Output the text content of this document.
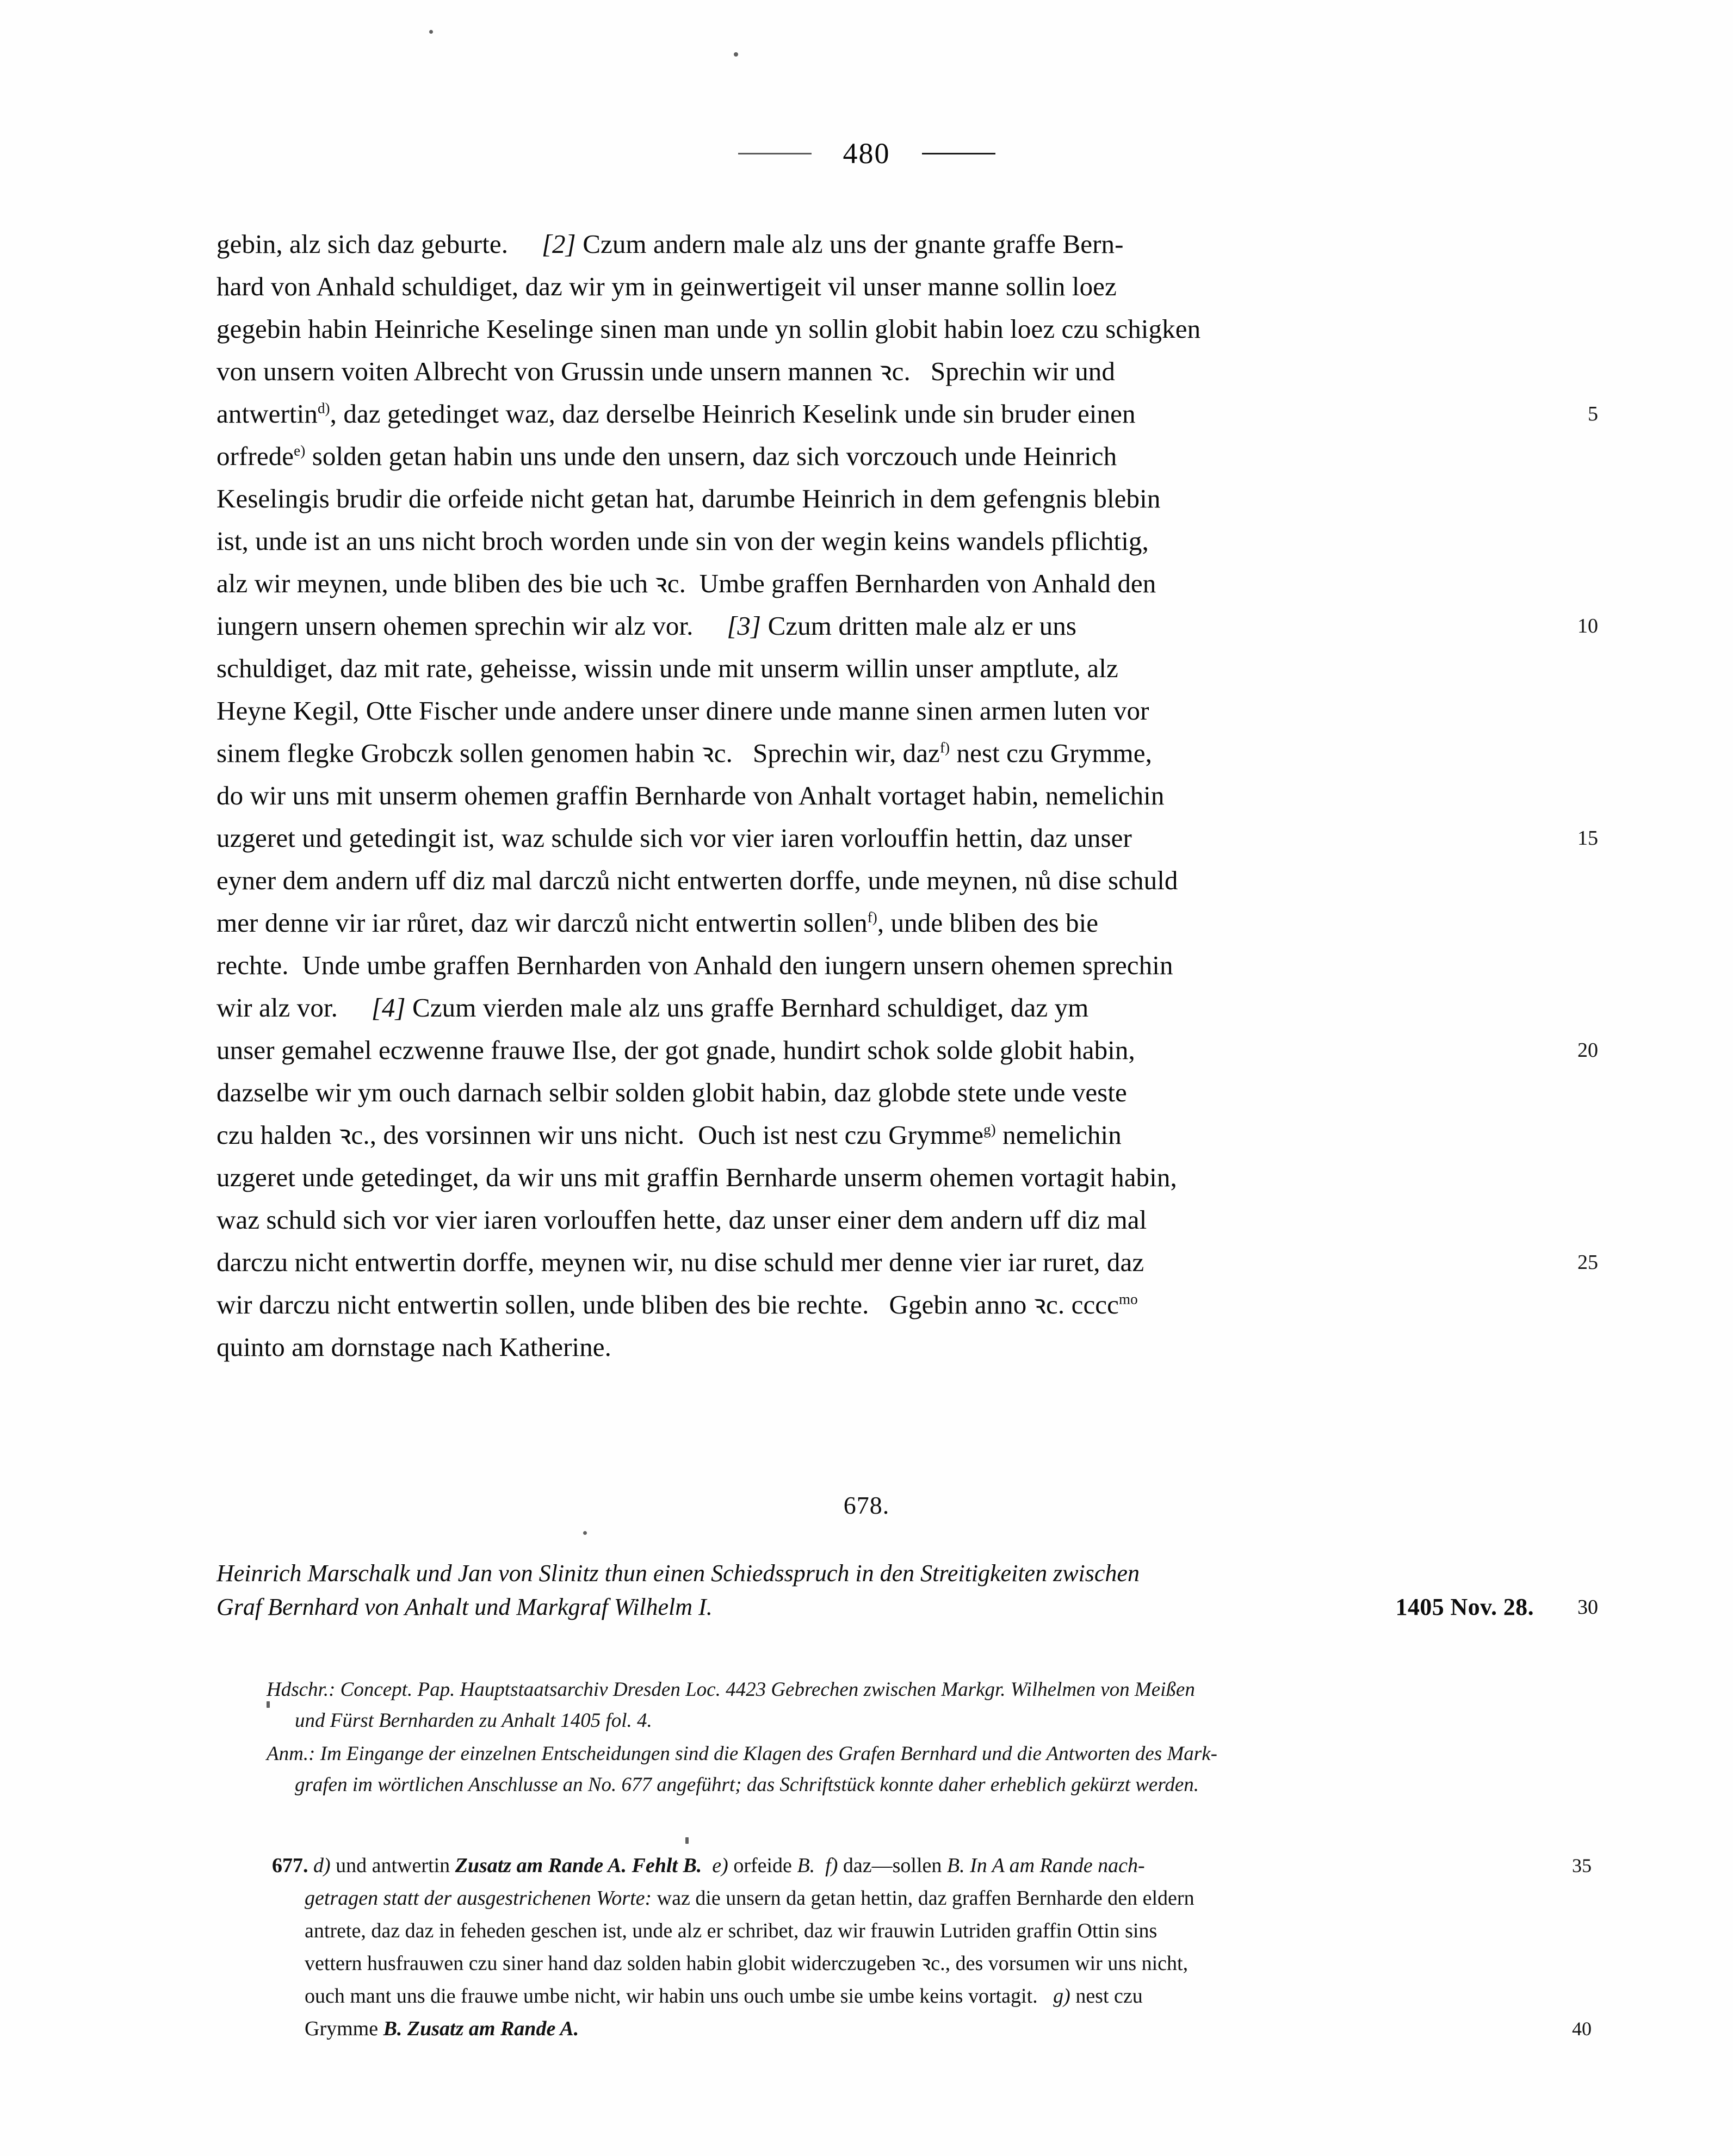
480
gebin, alz sich daz geburte.     [2] Czum andern male alz uns der gnante graffe Bern-
hard von Anhald schuldiget, daz wir ym in geinwertigeit vil unser manne sollin loez
gegebin habin Heinriche Keselinge sinen man unde yn sollin globit habin loez czu schigken
von unsern voiten Albrecht von Grussin unde unsern mannen ꝛc.   Sprechin wir und
antwertin$^{d)}$, daz getedinget waz, daz derselbe Heinrich Keselink unde sin bruder einen	5
orfrede$^{e)}$ solden getan habin uns unde den unsern, daz sich vorczouch unde Heinrich
Keselingis brudir die orfeide nicht getan hat, darumbe Heinrich in dem gefengnis blebin
ist, unde ist an uns nicht broch worden unde sin von der wegin keins wandels pflichtig,
alz wir meynen, unde bliben des bie uch ꝛc.  Umbe graffen Bernharden von Anhald den
iungern unsern ohemen sprechin wir alz vor.     [3] Czum dritten male alz er uns	10
schuldiget, daz mit rate, geheisse, wissin unde mit unserm willin unser amptlute, alz
Heyne Kegil, Otte Fischer unde andere unser dinere unde manne sinen armen luten vor
sinem flegke Grobczk sollen genomen habin ꝛc.   Sprechin wir, daz$^{f)}$ nest czu Grymme,
do wir uns mit unserm ohemen graffin Bernharde von Anhalt vortaget habin, nemelichin
uzgeret und getedingit ist, waz schulde sich vor vier iaren vorlouffin hettin, daz unser	15
eyner dem andern uff diz mal darczů nicht entwerten dorffe, unde meynen, nů dise schuld
mer denne vir iar růret, daz wir darczů nicht entwertin sollen$^{f)}$, unde bliben des bie
rechte.  Unde umbe graffen Bernharden von Anhald den iungern unsern ohemen sprechin
wir alz vor.     [4] Czum vierden male alz uns graffe Bernhard schuldiget, daz ym
unser gemahel eczwenne frauwe Ilse, der got gnade, hundirt schok solde globit habin,	20
dazselbe wir ym ouch darnach selbir solden globit habin, daz globde stete unde veste
czu halden ꝛc., des vorsinnen wir uns nicht.  Ouch ist nest czu Grymme$^{g)}$ nemelichin
uzgeret unde getedinget, da wir uns mit graffin Bernharde unserm ohemen vortagit habin,
waz schuld sich vor vier iaren vorlouffen hette, daz unser einer dem andern uff diz mal
darczu nicht entwertin dorffe, meynen wir, nu dise schuld mer denne vier iar ruret, daz	25
wir darczu nicht entwertin sollen, unde bliben des bie rechte.   Ggebin anno ꝛc. cccc$^{mo}$
quinto am dornstage nach Katherine.
678.
Heinrich Marschalk und Jan von Slinitz thun einen Schiedsspruch in den Streitigkeiten zwischen
Graf Bernhard von Anhalt und Markgraf Wilhelm I.	1405 Nov. 28. 30
Hdschr.: Concept. Pap. Hauptstaatsarchiv Dresden Loc. 4423 Gebrechen zwischen Markgr. Wilhelmen von Meißen
und Fürst Bernharden zu Anhalt 1405 fol. 4.
Anm.: Im Eingange der einzelnen Entscheidungen sind die Klagen des Grafen Bernhard und die Antworten des Mark-
grafen im wörtlichen Anschlusse an No. 677 angeführt; das Schriftstück konnte daher erheblich gekürzt werden.
677. d) und antwertin Zusatz am Rande A. Fehlt B. e) orfeide B. f) daz—sollen B. In A am Rande nach-	35
getragen statt der ausgestrichenen Worte: waz die unsern da getan hettin, daz graffen Bernharde den eldern
antrete, daz daz in feheden geschen ist, unde alz er schribet, daz wir frauwin Lutriden graffin Ottin sins
vettern husfrauwen czu siner hand daz solden habin globit widerczugeben ꝛc., des vorsumen wir uns nicht,
ouch mant uns die frauwe umbe nicht, wir habin uns ouch umbe sie umbe keins vortagit.   g) nest czu
Grymme B. Zusatz am Rande A.	40
